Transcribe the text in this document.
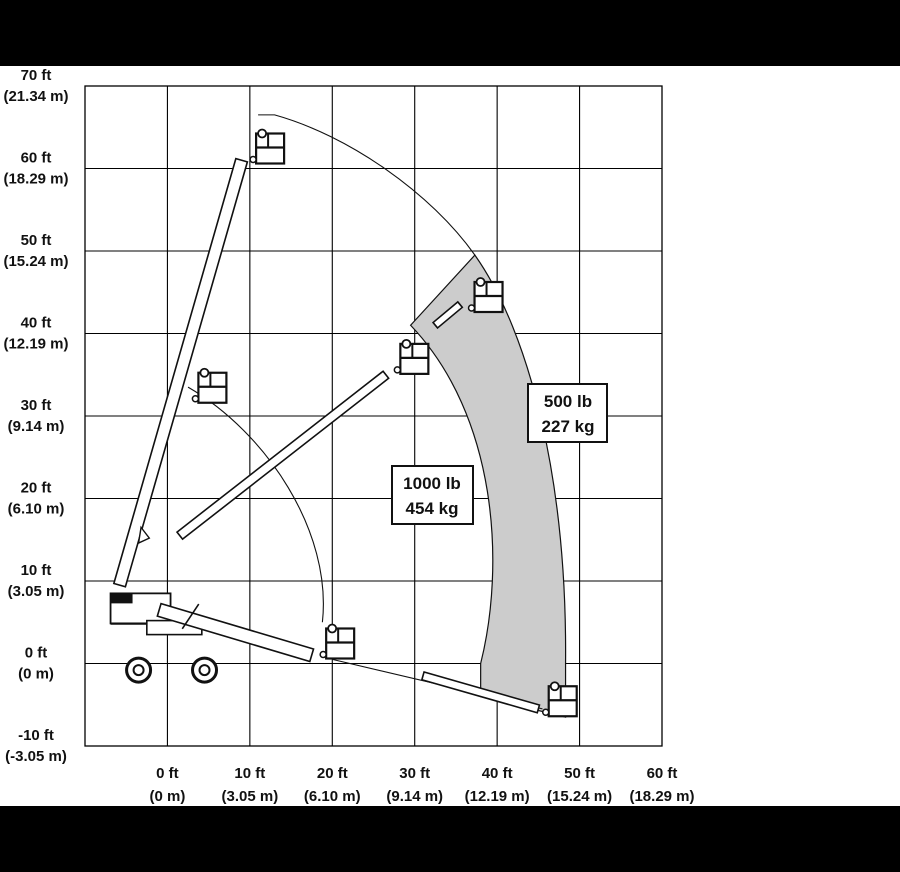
70 ft
(21.34 m)
60 ft
(18.29 m)
50 ft
(15.24 m)
40 ft
(12.19 m)
30 ft
(9.14 m)
20 ft
(6.10 m)
10 ft
(3.05 m)
0 ft
(0 m)
-10 ft
(-3.05 m)
0 ft
(0 m)
10 ft
(3.05 m)
20 ft
(6.10 m)
30 ft
(9.14 m)
40 ft
(12.19 m)
50 ft
(15.24 m)
60 ft
(18.29 m)
500 lb
227 kg
1000 lb
454 kg
